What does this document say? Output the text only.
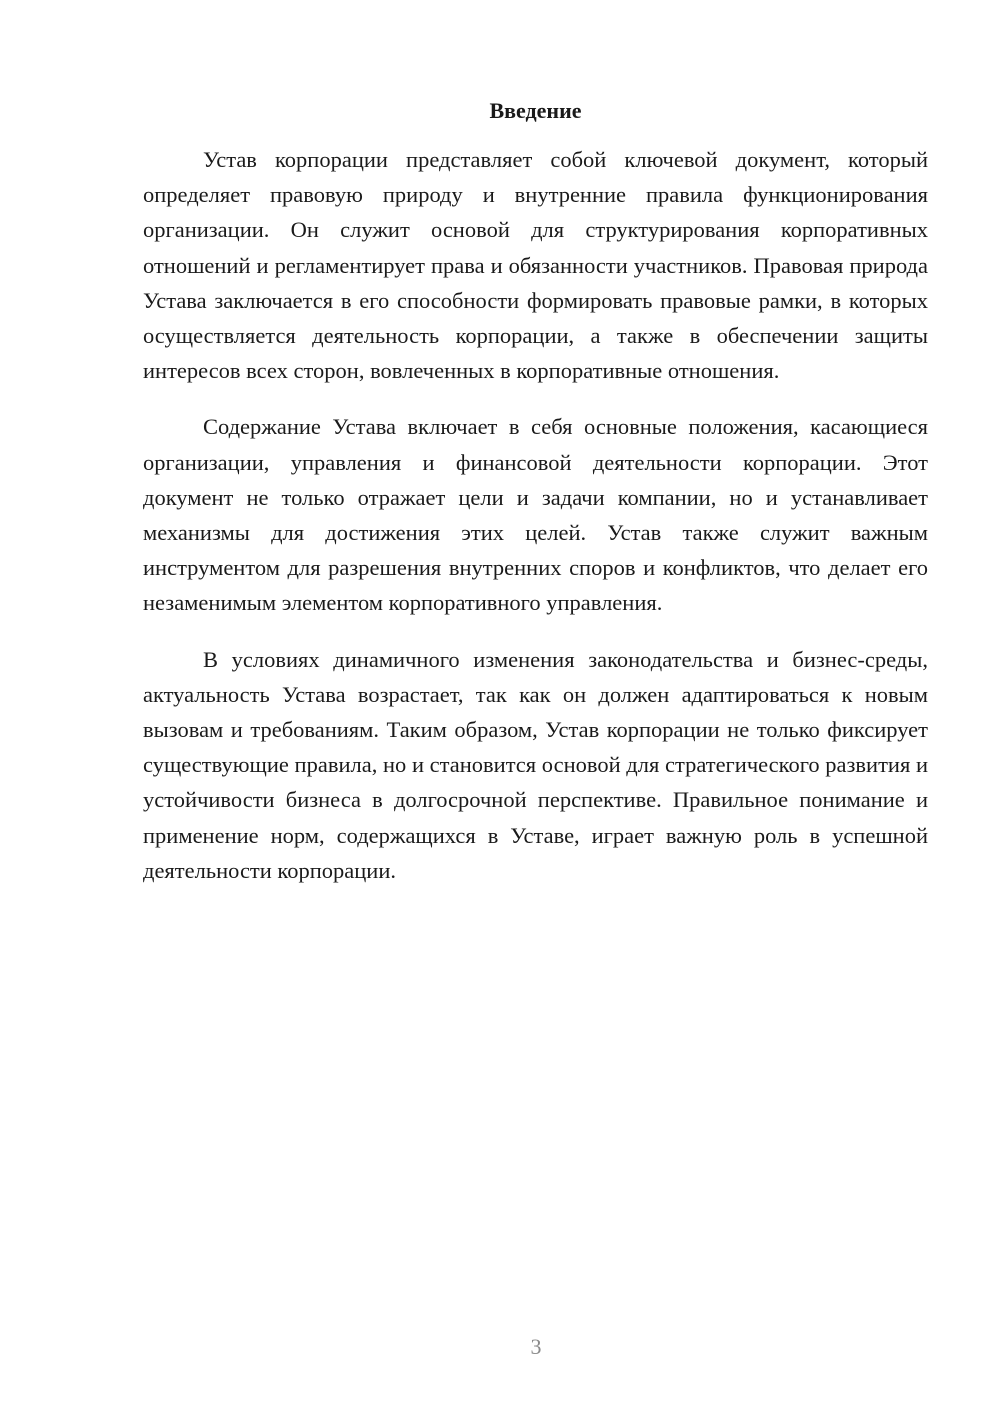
Введение

Устав корпорации представляет собой ключевой документ, который определяет правовую природу и внутренние правила функционирования организации. Он служит основой для структурирования корпоративных отношений и регламентирует права и обязанности участников. Правовая природа Устава заключается в его способности формировать правовые рамки, в которых осуществляется деятельность корпорации, а также в обеспечении защиты интересов всех сторон, вовлеченных в корпоративные отношения.

Содержание Устава включает в себя основные положения, касающиеся организации, управления и финансовой деятельности корпорации. Этот документ не только отражает цели и задачи компании, но и устанавливает механизмы для достижения этих целей. Устав также служит важным инструментом для разрешения внутренних споров и конфликтов, что делает его незаменимым элементом корпоративного управления.

В условиях динамичного изменения законодательства и бизнес-среды, актуальность Устава возрастает, так как он должен адаптироваться к новым вызовам и требованиям. Таким образом, Устав корпорации не только фиксирует существующие правила, но и становится основой для стратегического развития и устойчивости бизнеса в долгосрочной перспективе. Правильное понимание и применение норм, содержащихся в Уставе, играет важную роль в успешной деятельности корпорации.

3
